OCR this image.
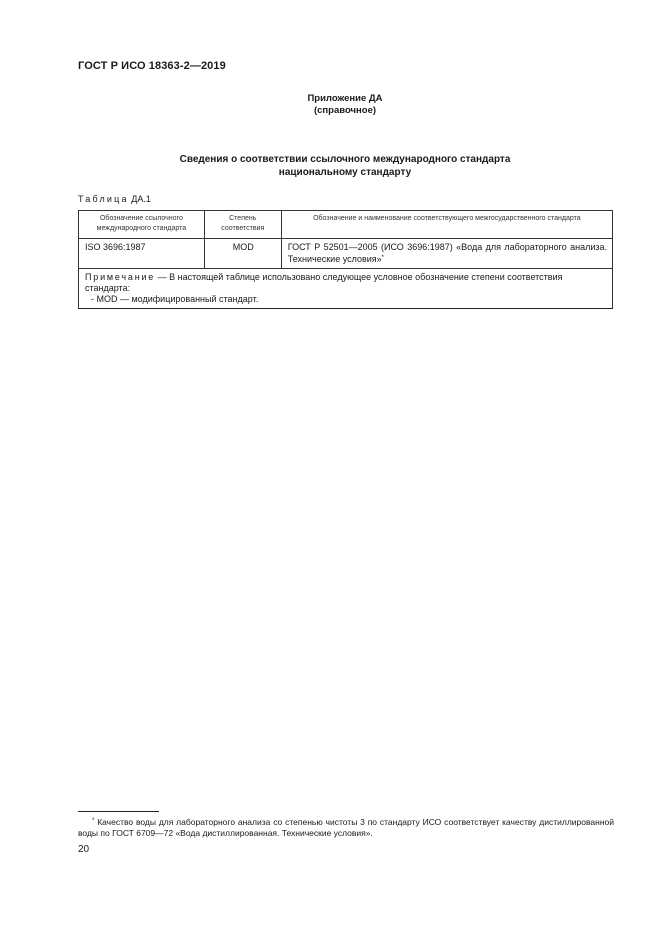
ГОСТ Р ИСО 18363-2—2019
Приложение ДА
(справочное)
Сведения о соответствии ссылочного международного стандарта
национальному стандарту
Таблица ДА.1
Обозначение ссылочного международного стандарта	Степень соответствия	Обозначение и наименование соответствующего межгосударственного стандарта
ISO 3696:1987	MOD	ГОСТ Р 52501—2005 (ИСО 3696:1987) «Вода для лабораторного анализа. Технические условия»*
Примечание — В настоящей таблице использовано следующее условное обозначение степени соответствия стандарта:
- MOD — модифицированный стандарт.		
* Качество воды для лабораторного анализа со степенью чистоты 3 по стандарту ИСО соответствует качеству дистиллированной воды по ГОСТ 6709—72 «Вода дистиллированная. Технические условия».
20
